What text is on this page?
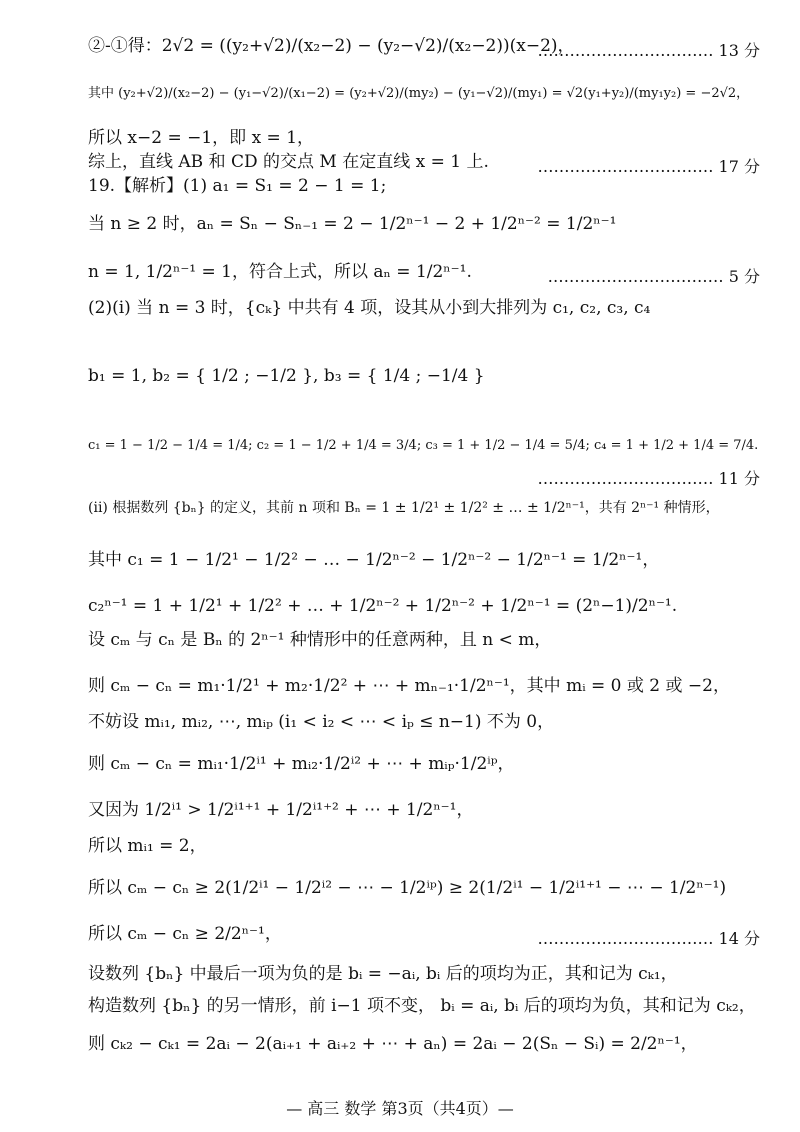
②-①得：2√2 = ((y₂+√2)/(x₂−2) − (y₂−√2)/(x₂−2))(x−2)，
…………………………… 13 分
其中 (y₂+√2)/(x₂−2) − (y₁−√2)/(x₁−2) = (y₂+√2)/(my₂) − (y₁−√2)/(my₁) = √2(y₁+y₂)/(my₁y₂) = −2√2，
所以 x−2 = −1，即 x = 1，
综上，直线 AB 和 CD 的交点 M 在定直线 x = 1 上.	…………………………… 17 分
19.【解析】(1) a₁ = S₁ = 2 − 1 = 1;
当 n ≥ 2 时，aₙ = Sₙ − Sₙ₋₁ = 2 − 1/2ⁿ⁻¹ − 2 + 1/2ⁿ⁻² = 1/2ⁿ⁻¹
n = 1, 1/2ⁿ⁻¹ = 1，符合上式，所以 aₙ = 1/2ⁿ⁻¹.	…………………………… 5 分
(2)(i) 当 n = 3 时，{cₖ} 中共有 4 项，设其从小到大排列为 c₁, c₂, c₃, c₄
b₁ = 1, b₂ = { 1/2 ; −1/2 }, b₃ = { 1/4 ; −1/4 }
c₁ = 1 − 1/2 − 1/4 = 1/4; c₂ = 1 − 1/2 + 1/4 = 3/4; c₃ = 1 + 1/2 − 1/4 = 5/4; c₄ = 1 + 1/2 + 1/4 = 7/4.
…………………………… 11 分
(ii) 根据数列 {bₙ} 的定义，其前 n 项和 Bₙ = 1 ± 1/2¹ ± 1/2² ± … ± 1/2ⁿ⁻¹，共有 2ⁿ⁻¹ 种情形，
其中 c₁ = 1 − 1/2¹ − 1/2² − … − 1/2ⁿ⁻² − 1/2ⁿ⁻² − 1/2ⁿ⁻¹ = 1/2ⁿ⁻¹，
c₂ⁿ⁻¹ = 1 + 1/2¹ + 1/2² + … + 1/2ⁿ⁻² + 1/2ⁿ⁻² + 1/2ⁿ⁻¹ = (2ⁿ−1)/2ⁿ⁻¹.
设 cₘ 与 cₙ 是 Bₙ 的 2ⁿ⁻¹ 种情形中的任意两种，且 n < m，
则 cₘ − cₙ = m₁·1/2¹ + m₂·1/2² + ⋯ + mₙ₋₁·1/2ⁿ⁻¹，其中 mᵢ = 0 或 2 或 −2，
不妨设 mᵢ₁, mᵢ₂, ⋯, mᵢₚ (i₁ < i₂ < ⋯ < iₚ ≤ n−1) 不为 0，
则 cₘ − cₙ = mᵢ₁·1/2ⁱ¹ + mᵢ₂·1/2ⁱ² + ⋯ + mᵢₚ·1/2ⁱᵖ，
又因为 1/2ⁱ¹ > 1/2ⁱ¹⁺¹ + 1/2ⁱ¹⁺² + ⋯ + 1/2ⁿ⁻¹，
所以 mᵢ₁ = 2，
所以 cₘ − cₙ ≥ 2(1/2ⁱ¹ − 1/2ⁱ² − ⋯ − 1/2ⁱᵖ) ≥ 2(1/2ⁱ¹ − 1/2ⁱ¹⁺¹ − ⋯ − 1/2ⁿ⁻¹)
所以 cₘ − cₙ ≥ 2/2ⁿ⁻¹，	…………………………… 14 分
设数列 {bₙ} 中最后一项为负的是 bᵢ = −aᵢ, bᵢ 后的项均为正，其和记为 cₖ₁，
构造数列 {bₙ} 的另一情形，前 i−1 项不变， bᵢ = aᵢ, bᵢ 后的项均为负，其和记为 cₖ₂，
则 cₖ₂ − cₖ₁ = 2aᵢ − 2(aᵢ₊₁ + aᵢ₊₂ + ⋯ + aₙ) = 2aᵢ − 2(Sₙ − Sᵢ) = 2/2ⁿ⁻¹，
— 高三 数学 第3页（共4页）—
